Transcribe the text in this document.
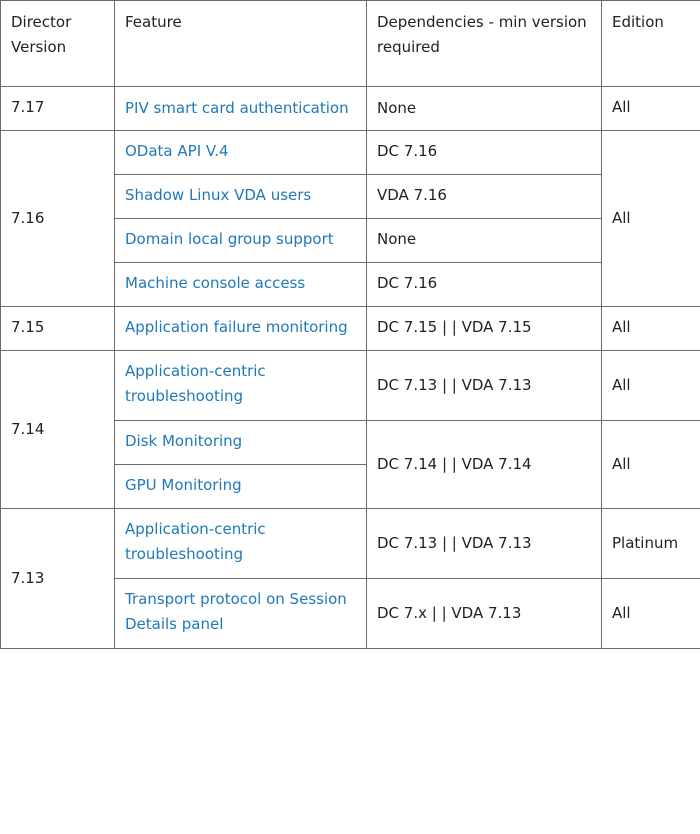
Director Version	Feature	Dependencies - min version required	Edition
7.17	PIV smart card authentication	None	All
7.16	OData API V.4	DC 7.16	All
	Shadow Linux VDA users	VDA 7.16	
	Domain local group support	None	
	Machine console access	DC 7.16	
7.15	Application failure monitoring	DC 7.15 | | VDA 7.15	All
7.14	Application-centric troubleshooting	DC 7.13 | | VDA 7.13	All
	Disk Monitoring	DC 7.14 | | VDA 7.14	All
	GPU Monitoring		
7.13	Application-centric troubleshooting	DC 7.13 | | VDA 7.13	Platinum
	Transport protocol on Session Details panel	DC 7.x | | VDA 7.13	All
